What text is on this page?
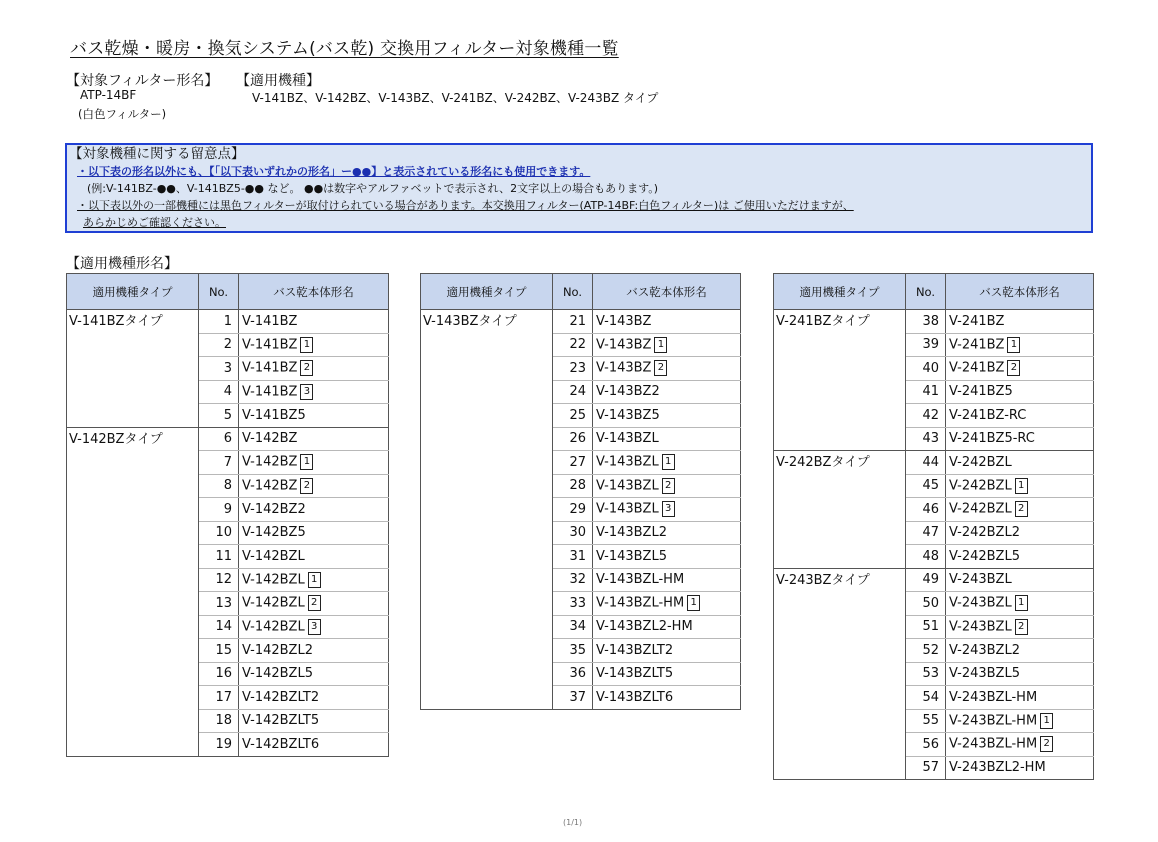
バス乾燥・暖房・換気システム(バス乾) 交換用フィルター対象機種一覧
【対象フィルター形名】
ATP-14BF
(白色フィルター)
【適用機種】
V-141BZ、V-142BZ、V-143BZ、V-241BZ、V-242BZ、V-243BZ タイプ
【対象機種に関する留意点】
・以下表の形名以外にも、【「以下表いずれかの形名」ー●●】と表示されている形名にも使用できます。
(例:V-141BZ-●●、V-141BZ5-●● など。 ●●は数字やアルファベットで表示され、2文字以上の場合もあります。)
・以下表以外の一部機種には黒色フィルターが取付けられている場合があります。本交換用フィルター(ATP-14BF:白色フィルター)は ご使用いただけますが、
あらかじめご確認ください。
【適用機種形名】
適用機種タイプ	No.	バス乾本体形名
V-141BZタイプ	1	V-141BZ
	2	V-141BZ 1
	3	V-141BZ 2
	4	V-141BZ 3
	5	V-141BZ5
V-142BZタイプ	6	V-142BZ
	7	V-142BZ 1
	8	V-142BZ 2
	9	V-142BZ2
	10	V-142BZ5
	11	V-142BZL
	12	V-142BZL 1
	13	V-142BZL 2
	14	V-142BZL 3
	15	V-142BZL2
	16	V-142BZL5
	17	V-142BZLT2
	18	V-142BZLT5
	19	V-142BZLT6
適用機種タイプ	No.	バス乾本体形名
V-143BZタイプ	21	V-143BZ
	22	V-143BZ 1
	23	V-143BZ 2
	24	V-143BZ2
	25	V-143BZ5
	26	V-143BZL
	27	V-143BZL 1
	28	V-143BZL 2
	29	V-143BZL 3
	30	V-143BZL2
	31	V-143BZL5
	32	V-143BZL-HM
	33	V-143BZL-HM 1
	34	V-143BZL2-HM
	35	V-143BZLT2
	36	V-143BZLT5
	37	V-143BZLT6
適用機種タイプ	No.	バス乾本体形名
V-241BZタイプ	38	V-241BZ
	39	V-241BZ 1
	40	V-241BZ 2
	41	V-241BZ5
	42	V-241BZ-RC
	43	V-241BZ5-RC
V-242BZタイプ	44	V-242BZL
	45	V-242BZL 1
	46	V-242BZL 2
	47	V-242BZL2
	48	V-242BZL5
V-243BZタイプ	49	V-243BZL
	50	V-243BZL 1
	51	V-243BZL 2
	52	V-243BZL2
	53	V-243BZL5
	54	V-243BZL-HM
	55	V-243BZL-HM 1
	56	V-243BZL-HM 2
	57	V-243BZL2-HM
(1/1)
